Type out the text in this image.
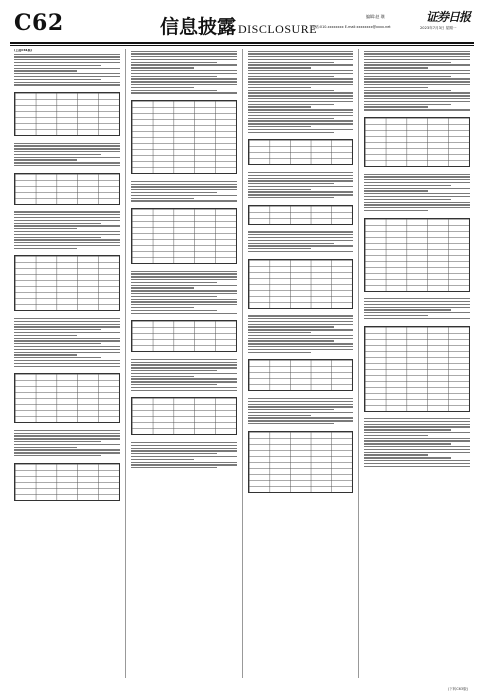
C62	信息披露 DISCLOSURE
编辑:赵 璜
电话:010-xxxxxxxx E-mail:xxxxxxxx@xxxx.net
证券日报
2023年7月3日 星期一
(上接C61版)
(下转C63版)
